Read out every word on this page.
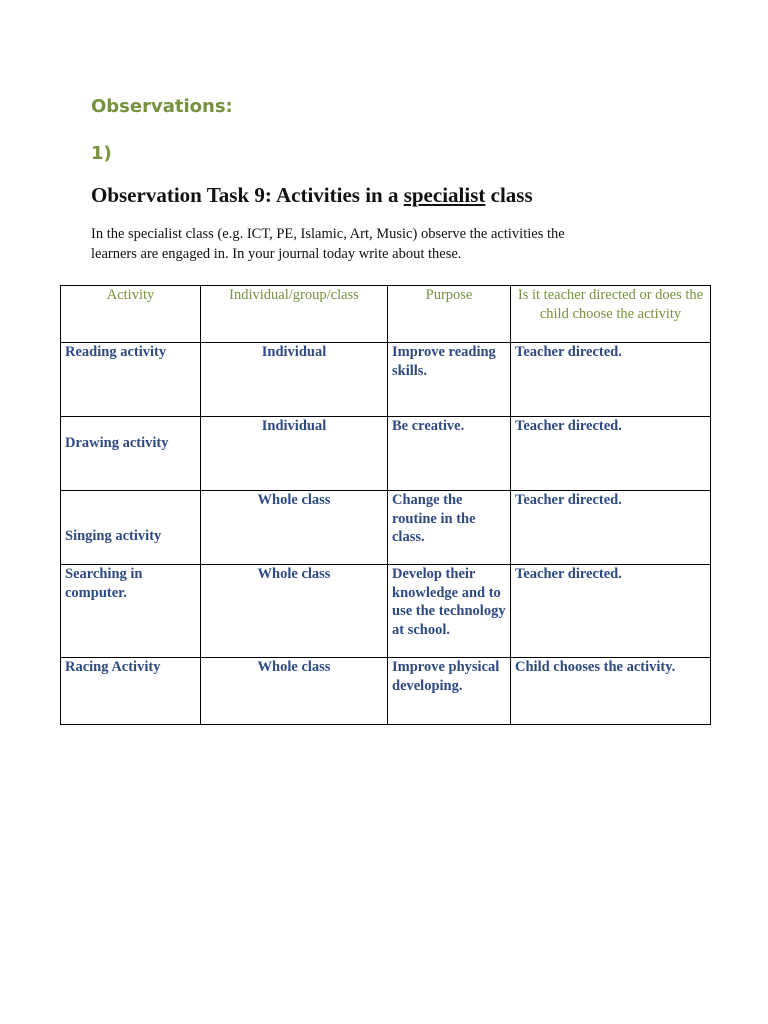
Observations:
1)
Observation Task 9: Activities in a specialist class

In the specialist class (e.g. ICT, PE, Islamic, Art, Music) observe the activities the
learners are engaged in. In your journal today write about these.

Activity	Individual/group/class	Purpose	Is it teacher directed or does the child choose the activity
Reading activity	Individual	Improve reading skills.	Teacher directed.

Drawing activity	Individual	Be creative.	Teacher directed.

Singing activity	Whole class	Change the routine in the class.	Teacher directed.
Searching in computer.	Whole class	Develop their knowledge and to use the technology at school.	Teacher directed.
Racing Activity	Whole class	Improve physical developing.	Child chooses the activity.
